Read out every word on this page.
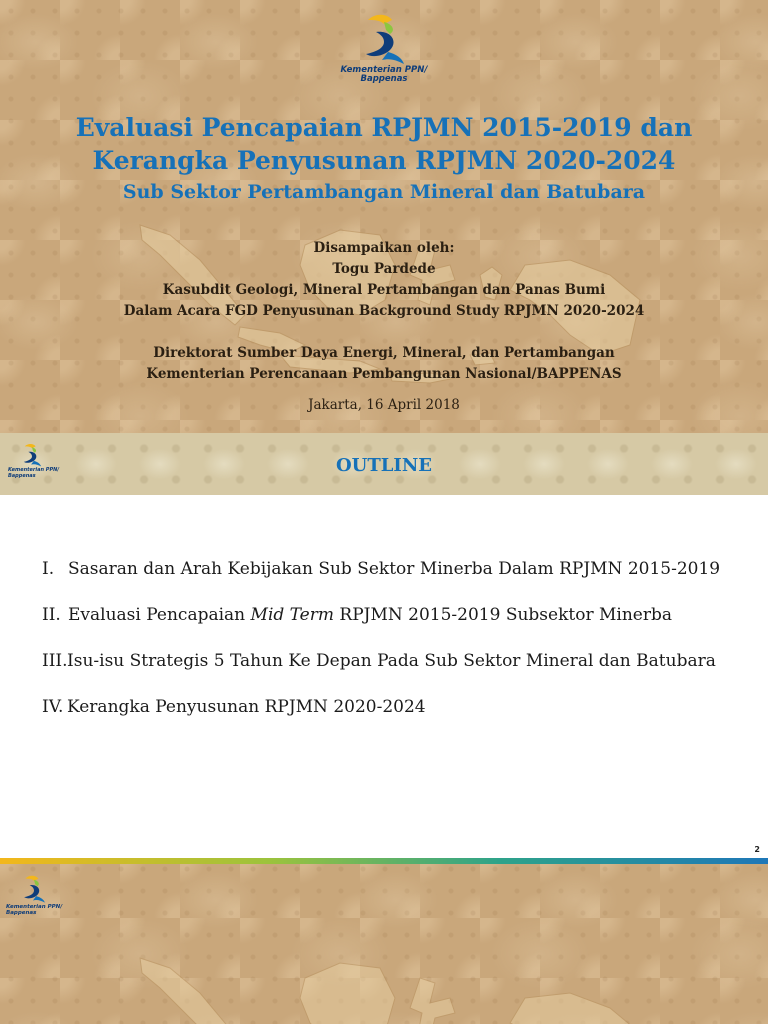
Kementerian PPN/
Bappenas
Evaluasi Pencapaian RPJMN 2015-2019 dan
Kerangka Penyusunan RPJMN 2020-2024
Sub Sektor Pertambangan Mineral dan Batubara
Disampaikan oleh:
Togu Pardede
Kasubdit Geologi, Mineral Pertambangan dan Panas Bumi
Dalam Acara FGD Penyusunan Background Study RPJMN 2020-2024
Direktorat Sumber Daya Energi, Mineral, dan Pertambangan
Kementerian Perencanaan Pembangunan Nasional/BAPPENAS
Jakarta, 16 April 2018
Kementerian PPN/
Bappenas	OUTLINE
I. Sasaran dan Arah Kebijakan Sub Sektor Minerba Dalam RPJMN 2015-2019
II. Evaluasi Pencapaian Mid Term RPJMN 2015-2019 Subsektor Minerba
III. Isu-isu Strategis 5 Tahun Ke Depan Pada Sub Sektor Mineral dan Batubara
IV. Kerangka Penyusunan RPJMN 2020-2024
2
Kementerian PPN/
Bappenas
